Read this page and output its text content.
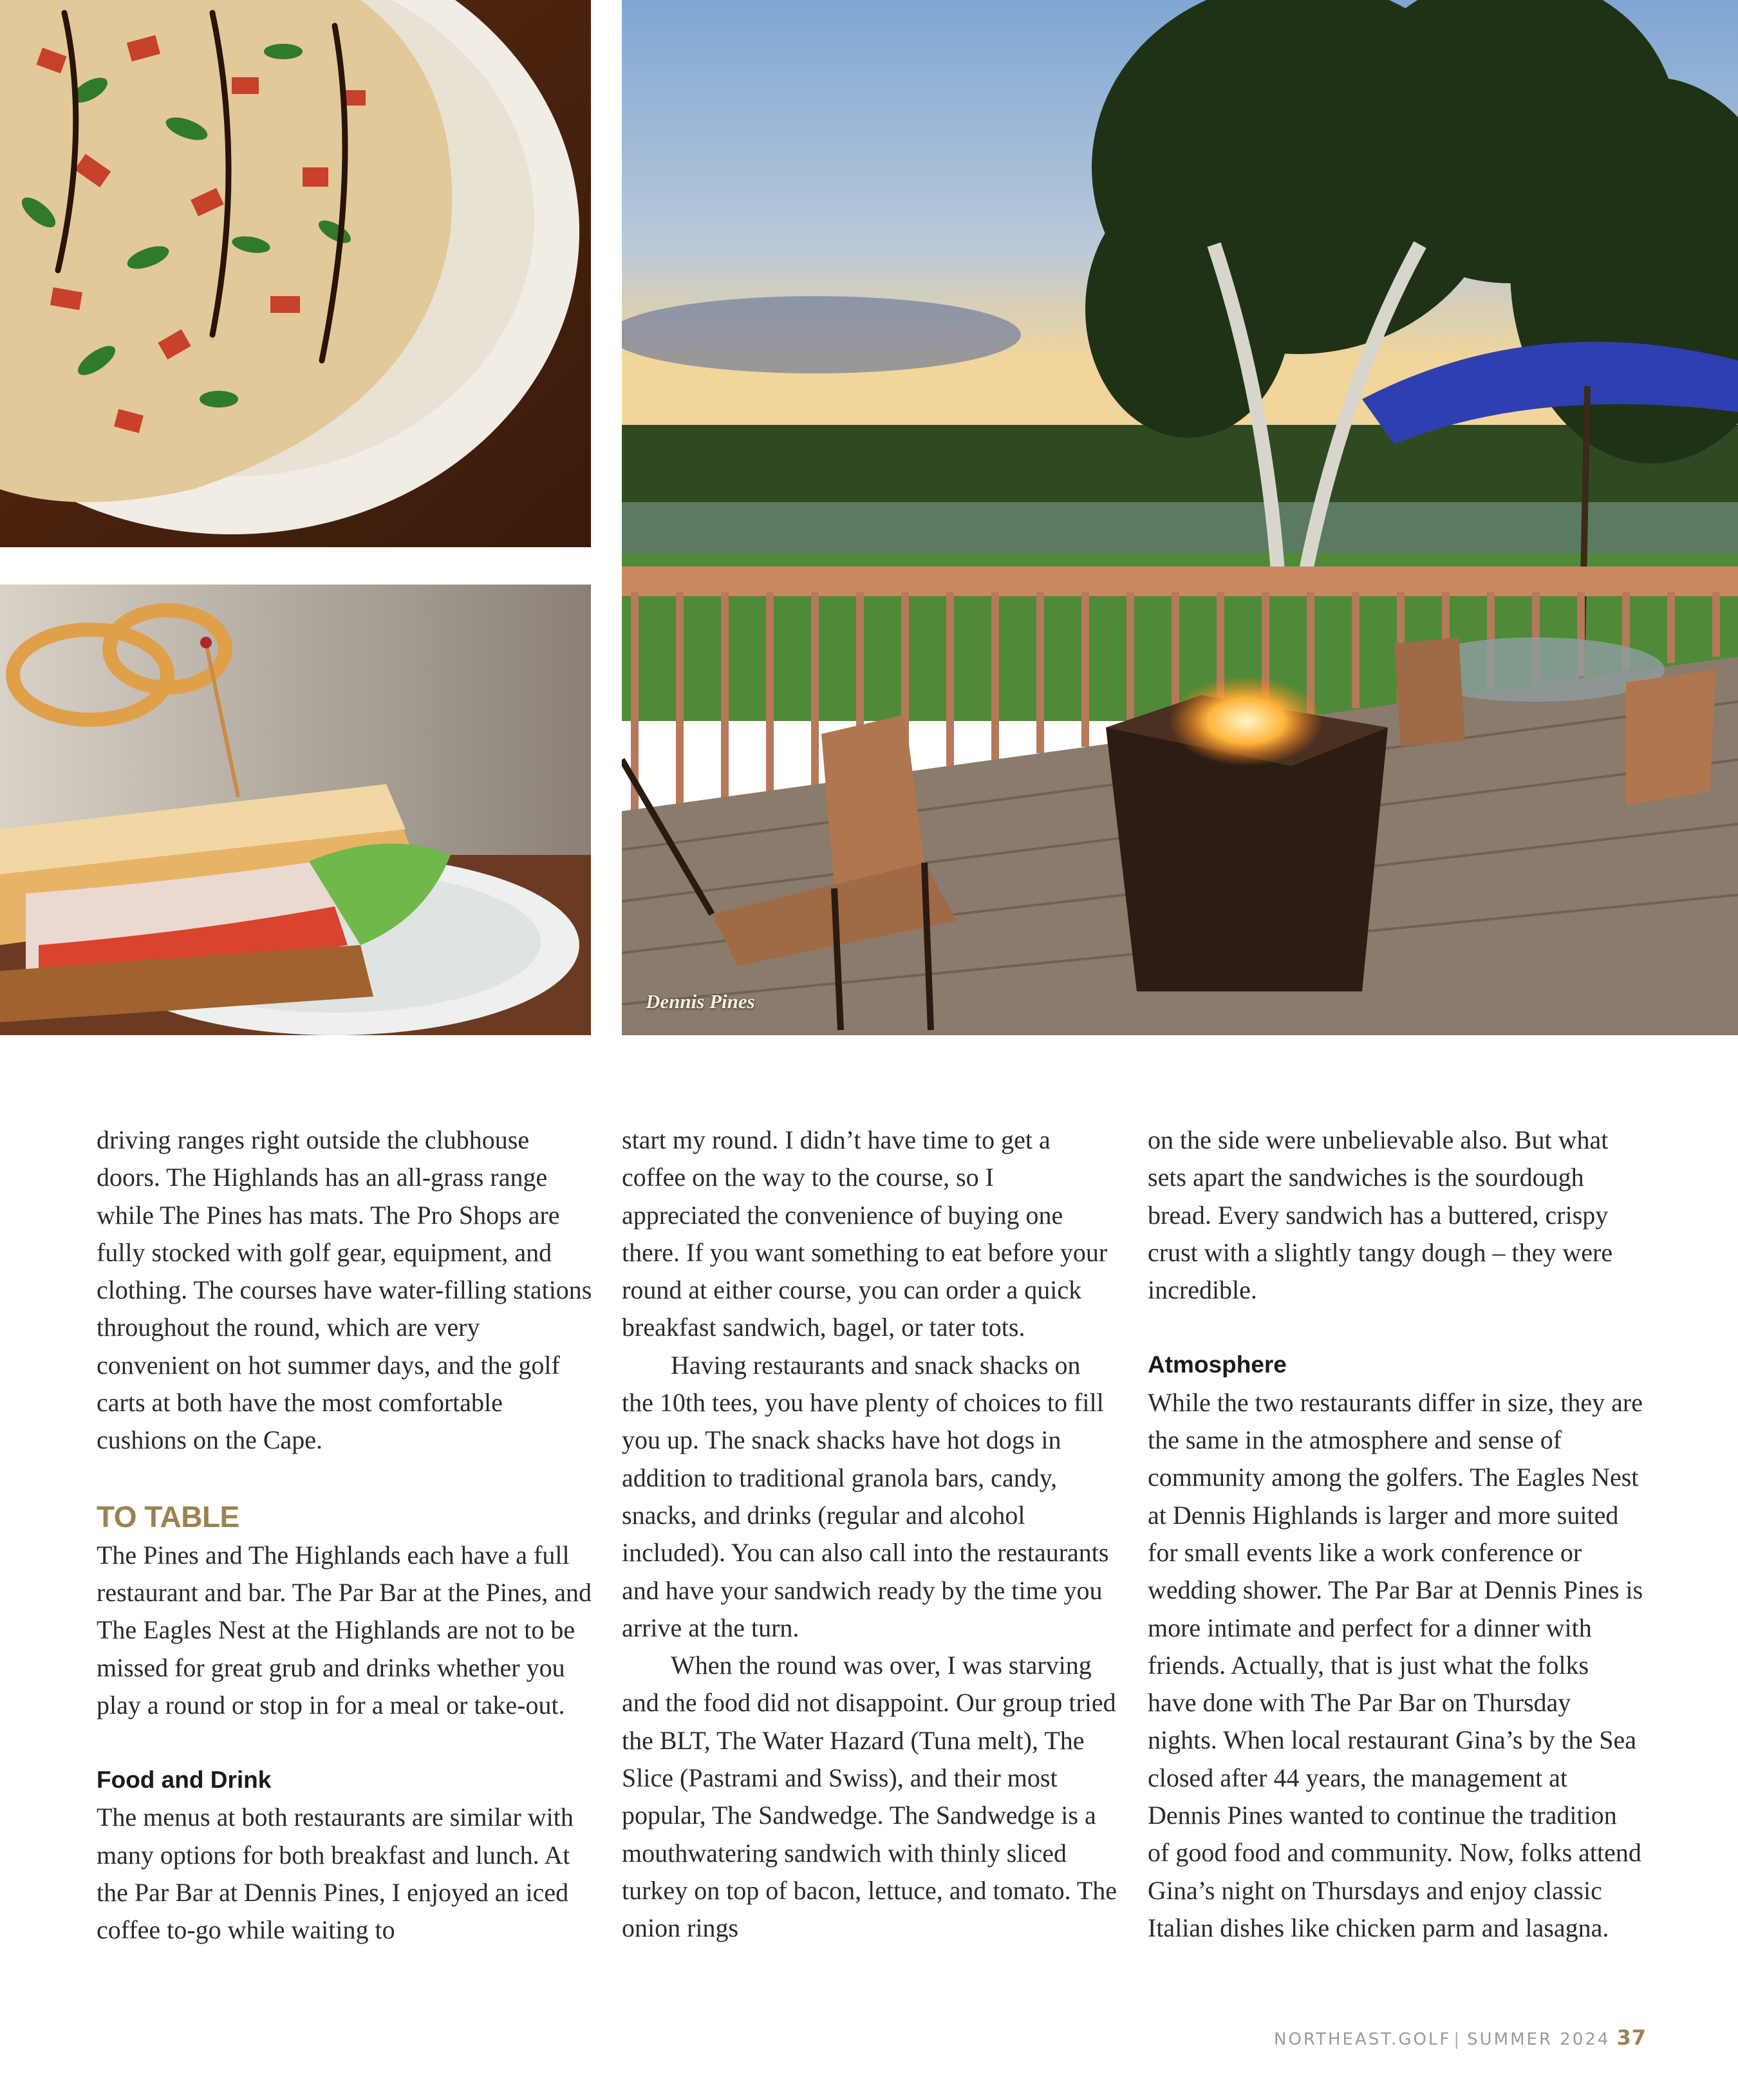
Dennis Pines

driving ranges right outside the clubhouse doors. The Highlands has an all-grass range while The Pines has mats. The Pro Shops are fully stocked with golf gear, equipment, and clothing. The courses have water-filling stations throughout the round, which are very convenient on hot summer days, and the golf carts at both have the most comfortable cushions on the Cape.

TO TABLE

The Pines and The Highlands each have a full restaurant and bar. The Par Bar at the Pines, and The Eagles Nest at the Highlands are not to be missed for great grub and drinks whether you play a round or stop in for a meal or take-out.

Food and Drink

The menus at both restaurants are similar with many options for both breakfast and lunch. At the Par Bar at Dennis Pines, I enjoyed an iced coffee to-go while waiting to

start my round. I didn’t have time to get a coffee on the way to the course, so I appreciated the convenience of buying one there. If you want something to eat before your round at either course, you can order a quick breakfast sandwich, bagel, or tater tots.

Having restaurants and snack shacks on the 10th tees, you have plenty of choices to fill you up. The snack shacks have hot dogs in addition to traditional granola bars, candy, snacks, and drinks (regular and alcohol included). You can also call into the restaurants and have your sandwich ready by the time you arrive at the turn.

When the round was over, I was starving and the food did not disappoint. Our group tried the BLT, The Water Hazard (Tuna melt), The Slice (Pastrami and Swiss), and their most popular, The Sandwedge. The Sandwedge is a mouthwatering sandwich with thinly sliced turkey on top of bacon, lettuce, and tomato. The onion rings

on the side were unbelievable also. But what sets apart the sandwiches is the sourdough bread. Every sandwich has a buttered, crispy crust with a slightly tangy dough – they were incredible.

Atmosphere

While the two restaurants differ in size, they are the same in the atmosphere and sense of community among the golfers. The Eagles Nest at Dennis Highlands is larger and more suited for small events like a work conference or wedding shower. The Par Bar at Dennis Pines is more intimate and perfect for a dinner with friends. Actually, that is just what the folks have done with The Par Bar on Thursday nights. When local restaurant Gina’s by the Sea closed after 44 years, the management at Dennis Pines wanted to continue the tradition of good food and community. Now, folks attend Gina’s night on Thursdays and enjoy classic Italian dishes like chicken parm and lasagna.

NORTHEAST.GOLF | SUMMER 2024 37
